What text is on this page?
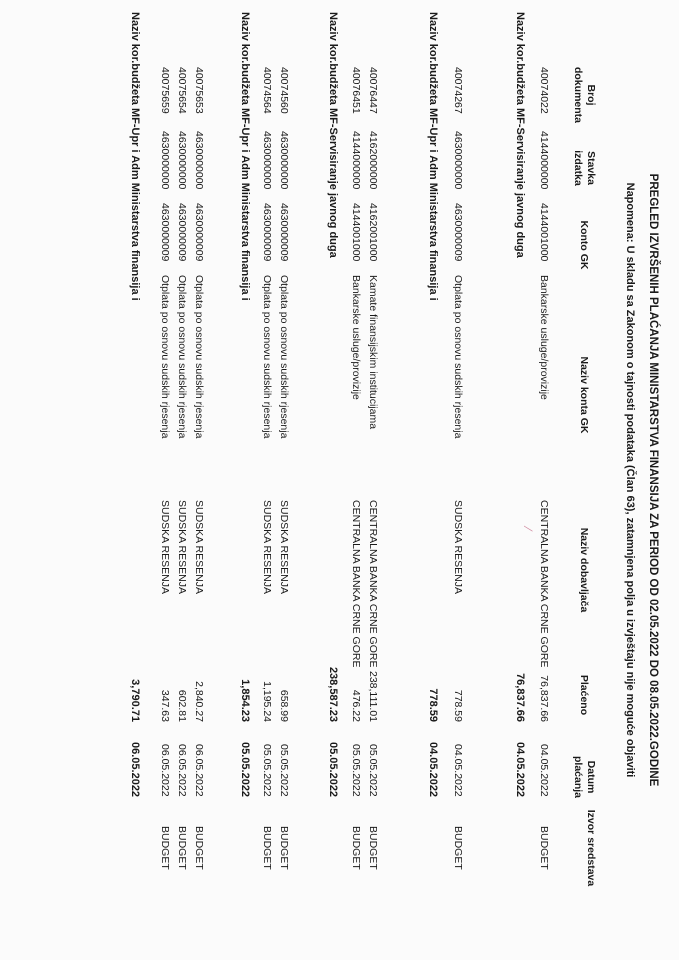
PREGLED IZVRŠENIH PLAĆANJA MINISTARSTVA FINANSIJA ZA PERIOD OD 02.05.2022 DO 08.05.2022.GODINE
Napomena: U skladu sa Zakonom o tajnosti podataka (Član 63), zatamnjena polja u izvještaju nije moguće objaviti
Broj dokumenta
Stavka izdatka
Konto GK
Naziv konta GK
Naziv dobavljača
Plaćeno
Datum plaćanja
Izvor sredstava
40074022
4144000000
4144001000
Bankarske usluge/provizije
CENTRALNA BANKA CRNE GORE
76,837.66
04.05.2022
BUDGET
Naziv kor.budžeta MF-Servisiranje javnog duga
76,837.66
04.05.2022
40074267
4630000000
4630000009
Otplata po osnovu sudskih rjesenja
SUDSKA RESENJA
778.59
04.05.2022
BUDGET
Naziv kor.budžeta MF-Upr i Adm Ministarstva finansija i
778.59
04.05.2022
40076447
4162000000
4162001000
Kamate finansijskim institucijama
CENTRALNA BANKA CRNE GORE
238,111.01
05.05.2022
BUDGET
40076451
4144000000
4144001000
Bankarske usluge/provizije
CENTRALNA BANKA CRNE GORE
476.22
05.05.2022
BUDGET
Naziv kor.budžeta MF-Servisiranje javnog duga
238,587.23
05.05.2022
40074560
4630000000
4630000009
Otplata po osnovu sudskih rjesenja
SUDSKA RESENJA
658.99
05.05.2022
BUDGET
40074564
4630000000
4630000009
Otplata po osnovu sudskih rjesenja
SUDSKA RESENJA
1,195.24
05.05.2022
BUDGET
Naziv kor.budžeta MF-Upr i Adm Ministarstva finansija i
1,854.23
05.05.2022
40075653
4630000000
4630000009
Otplata po osnovu sudskih rjesenja
SUDSKA RESENJA
2,840.27
06.05.2022
BUDGET
40075654
4630000000
4630000009
Otplata po osnovu sudskih rjesenja
SUDSKA RESENJA
602.81
06.05.2022
BUDGET
40075659
4630000000
4630000009
Otplata po osnovu sudskih rjesenja
SUDSKA RESENJA
347.63
06.05.2022
BUDGET
Naziv kor.budžeta MF-Upr i Adm Ministarstva finansija i
3,790.71
06.05.2022
⁄
